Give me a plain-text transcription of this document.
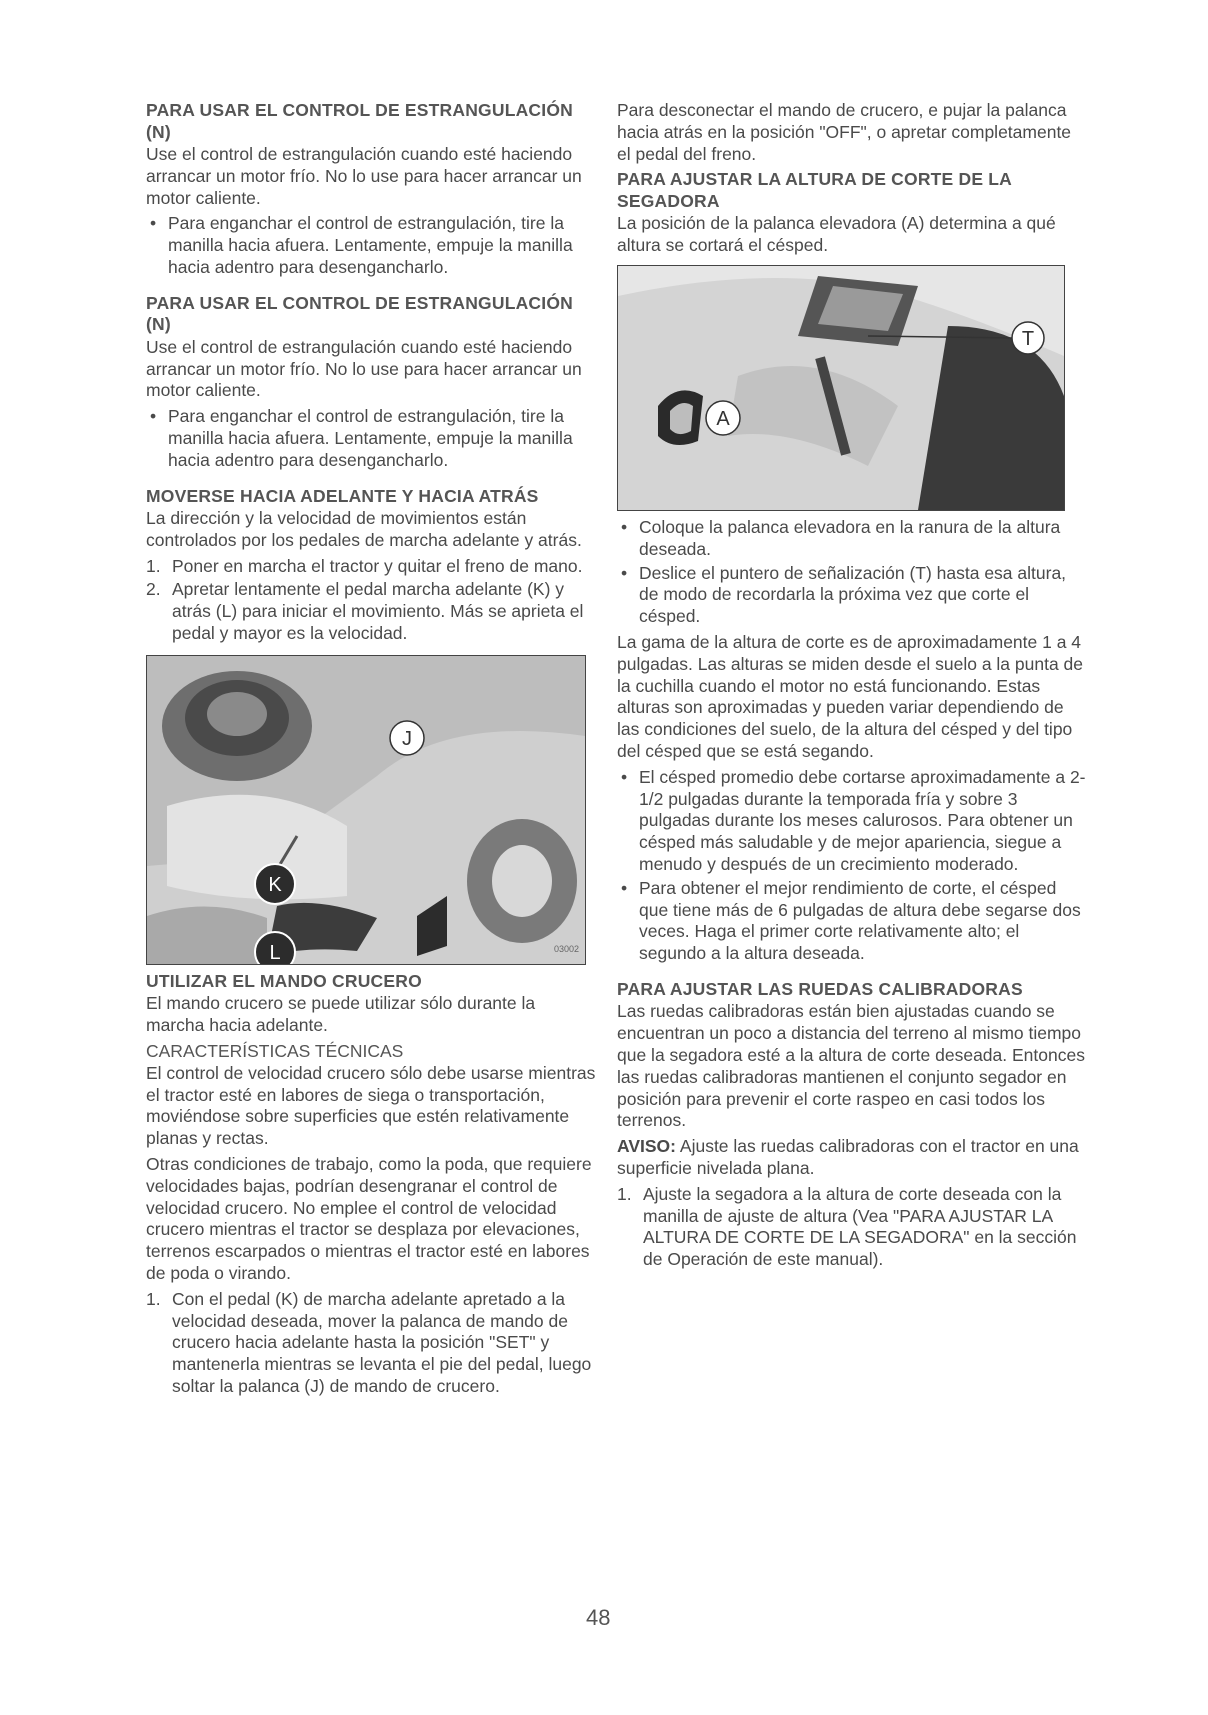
PARA USAR EL CONTROL DE ESTRANGULACIÓN (N)

Use el control de estrangulación cuando esté haciendo arrancar un motor frío. No lo use para hacer arrancar un motor caliente.

• Para enganchar el control de estrangulación, tire la manilla hacia afuera. Lentamente, empuje la manilla hacia adentro para desengancharlo.
PARA USAR EL CONTROL DE ESTRANGULACIÓN (N)

Use el control de estrangulación cuando esté haciendo arrancar un motor frío. No lo use para hacer arrancar un motor caliente.

• Para enganchar el control de estrangulación, tire la manilla hacia afuera. Lentamente, empuje la manilla hacia adentro para desengancharlo.
MOVERSE HACIA ADELANTE Y HACIA ATRÁS

La dirección y la velocidad de movimientos están controlados por los pedales de marcha adelante y atrás.

1. Poner en marcha el tractor y quitar el freno de mano.
2. Apretar lentamente el pedal marcha adelante (K) y atrás (L) para iniciar el movimiento. Más se aprieta el pedal y mayor es la velocidad.
J
K
L	03002
UTILIZAR EL MANDO CRUCERO

El mando crucero se puede utilizar sólo durante la marcha hacia adelante.

CARACTERÍSTICAS TÉCNICAS

El control de velocidad crucero sólo debe usarse mientras el tractor esté en labores de siega o transportación, moviéndose sobre superficies que estén relativamente planas y rectas.

Otras condiciones de trabajo, como la poda, que requiere velocidades bajas, podrían desengranar el control de velocidad crucero. No emplee el control de velocidad crucero mientras el tractor se desplaza por elevaciones, terrenos escarpados o mientras el tractor esté en labores de poda o virando.

1. Con el pedal (K) de marcha adelante apretado a la velocidad deseada, mover la palanca de mando de crucero hacia adelante hasta la posición "SET" y mantenerla mientras se levanta el pie del pedal, luego soltar la palanca (J) de mando de crucero.

Para desconectar el mando de crucero, e pujar la palanca hacia atrás en la posición "OFF", o apretar completamente el pedal del freno.

PARA AJUSTAR LA ALTURA DE CORTE DE LA SEGADORA

La posición de la palanca elevadora (A) determina a qué altura se cortará el césped.

T
A
• Coloque la palanca elevadora en la ranura de la altura deseada.
• Deslice el puntero de señalización (T) hasta esa altura, de modo de recordarla la próxima vez que corte el césped.

La gama de la altura de corte es de aproximadamente 1 a 4 pulgadas. Las alturas se miden desde el suelo a la punta de la cuchilla cuando el motor no está funcionando. Estas alturas son aproximadas y pueden variar dependiendo de las condiciones del suelo, de la altura del césped y del tipo del césped que se está segando.

• El césped promedio debe cortarse aproximadamente a 2-1/2 pulgadas durante la temporada fría y sobre 3 pulgadas durante los meses calurosos. Para obtener un césped más saludable y de mejor apariencia, siegue a menudo y después de un crecimiento moderado.
• Para obtener el mejor rendimiento de corte, el césped que tiene más de 6 pulgadas de altura debe segarse dos veces. Haga el primer corte relativamente alto; el segundo a la altura deseada.
PARA AJUSTAR LAS RUEDAS CALIBRADORAS

Las ruedas calibradoras están bien ajustadas cuando se encuentran un poco a distancia del terreno al mismo tiempo que la segadora esté a la altura de corte deseada. Entonces las ruedas calibradoras mantienen el conjunto segador en posición para prevenir el corte raspeo en casi todos los terrenos.

AVISO: Ajuste las ruedas calibradoras con el tractor en una superficie nivelada plana.

1. Ajuste la segadora a la altura de corte deseada con la manilla de ajuste de altura (Vea "PARA AJUSTAR LA ALTURA DE CORTE DE LA SEGADORA" en la sección de Operación de este manual).
48
